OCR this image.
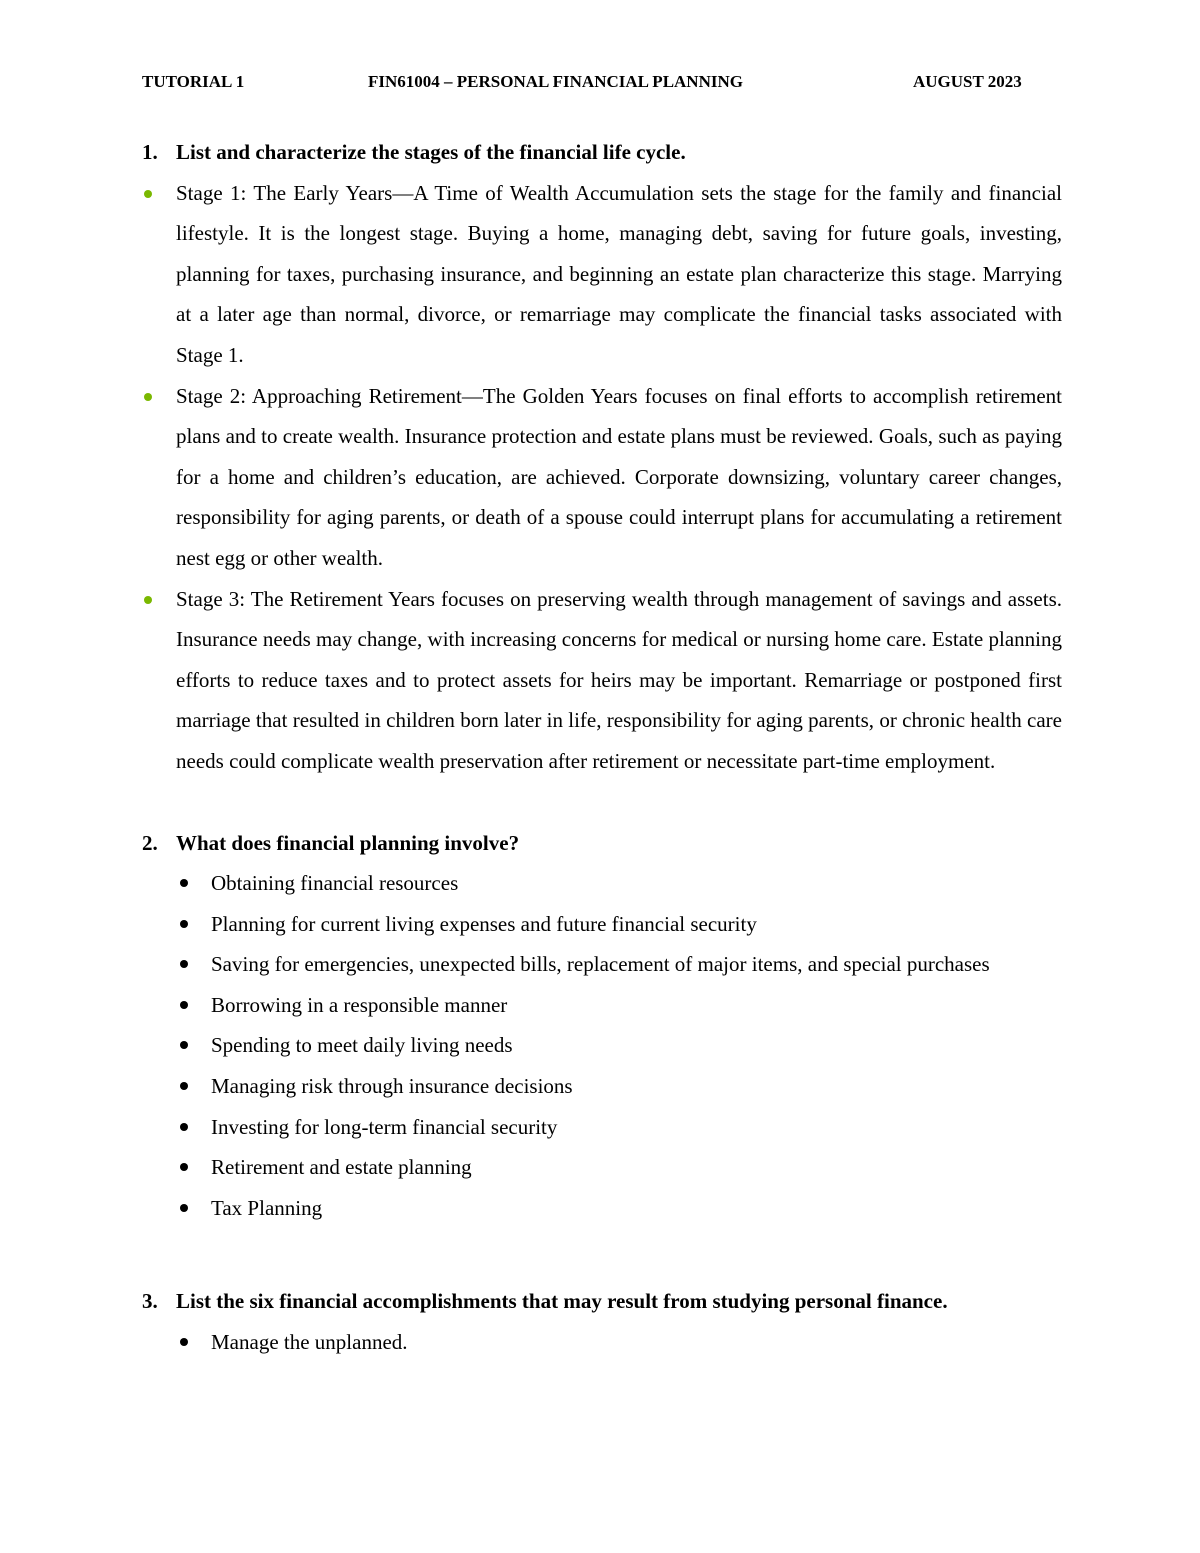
TUTORIAL 1	FIN61004 – PERSONAL FINANCIAL PLANNING	AUGUST 2023
1. List and characterize the stages of the financial life cycle.
Stage 1: The Early Years—A Time of Wealth Accumulation sets the stage for the family and financial lifestyle. It is the longest stage. Buying a home, managing debt, saving for future goals, investing, planning for taxes, purchasing insurance, and beginning an estate plan characterize this stage. Marrying at a later age than normal, divorce, or remarriage may complicate the financial tasks associated with Stage 1.
Stage 2: Approaching Retirement—The Golden Years focuses on final efforts to accomplish retirement plans and to create wealth. Insurance protection and estate plans must be reviewed. Goals, such as paying for a home and children’s education, are achieved. Corporate downsizing, voluntary career changes, responsibility for aging parents, or death of a spouse could interrupt plans for accumulating a retirement nest egg or other wealth.
Stage 3: The Retirement Years focuses on preserving wealth through management of savings and assets. Insurance needs may change, with increasing concerns for medical or nursing home care. Estate planning efforts to reduce taxes and to protect assets for heirs may be important. Remarriage or postponed first marriage that resulted in children born later in life, responsibility for aging parents, or chronic health care needs could complicate wealth preservation after retirement or necessitate part-time employment.
2. What does financial planning involve?
Obtaining financial resources
Planning for current living expenses and future financial security
Saving for emergencies, unexpected bills, replacement of major items, and special purchases
Borrowing in a responsible manner
Spending to meet daily living needs
Managing risk through insurance decisions
Investing for long-term financial security
Retirement and estate planning
Tax Planning
3. List the six financial accomplishments that may result from studying personal finance.
Manage the unplanned.
